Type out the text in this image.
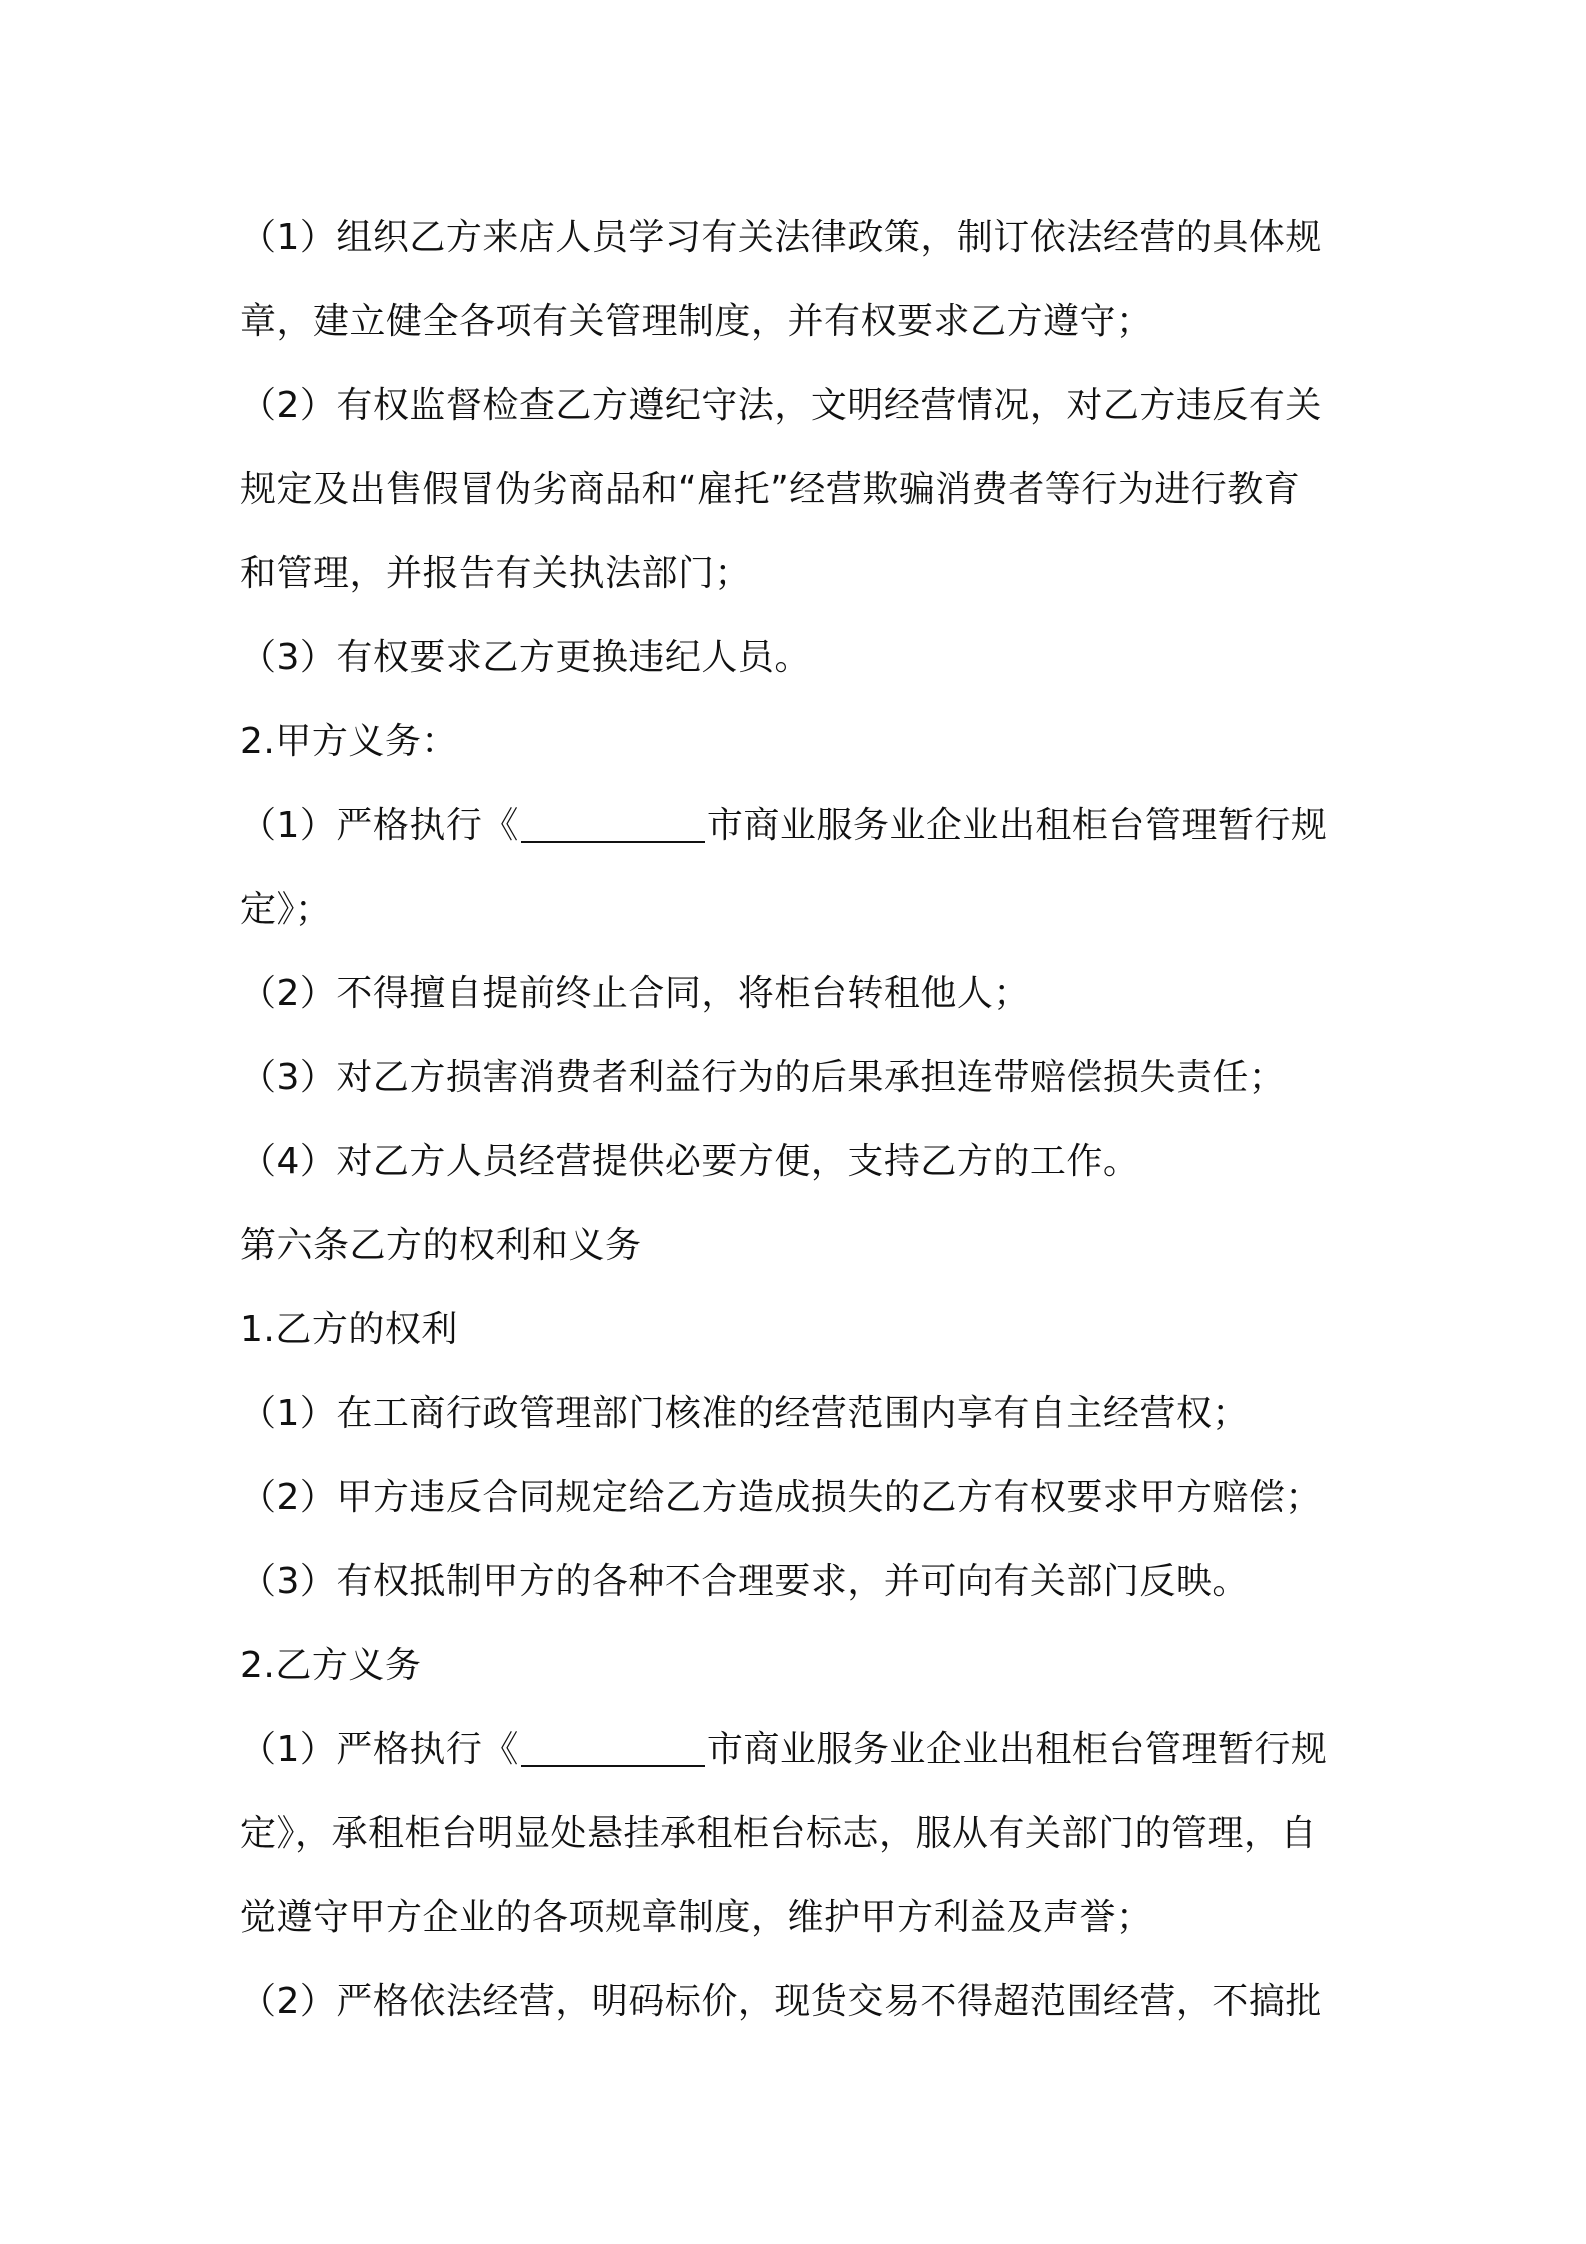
（1）组织乙方来店人员学习有关法律政策，制订依法经营的具体规
章，建立健全各项有关管理制度，并有权要求乙方遵守；
（2）有权监督检查乙方遵纪守法，文明经营情况，对乙方违反有关
规定及出售假冒伪劣商品和“雇托”经营欺骗消费者等行为进行教育
和管理，并报告有关执法部门；
（3）有权要求乙方更换违纪人员。
2.甲方义务：
（1）严格执行《	市商业服务业企业出租柜台管理暂行规
定》；
（2）不得擅自提前终止合同，将柜台转租他人；
（3）对乙方损害消费者利益行为的后果承担连带赔偿损失责任；
（4）对乙方人员经营提供必要方便，支持乙方的工作。
第六条乙方的权利和义务
1.乙方的权利
（1）在工商行政管理部门核准的经营范围内享有自主经营权；
（2）甲方违反合同规定给乙方造成损失的乙方有权要求甲方赔偿；
（3）有权抵制甲方的各种不合理要求，并可向有关部门反映。
2.乙方义务
（1）严格执行《	市商业服务业企业出租柜台管理暂行规
定》，承租柜台明显处悬挂承租柜台标志，服从有关部门的管理，自
觉遵守甲方企业的各项规章制度，维护甲方利益及声誉；
（2）严格依法经营，明码标价，现货交易不得超范围经营，不搞批
